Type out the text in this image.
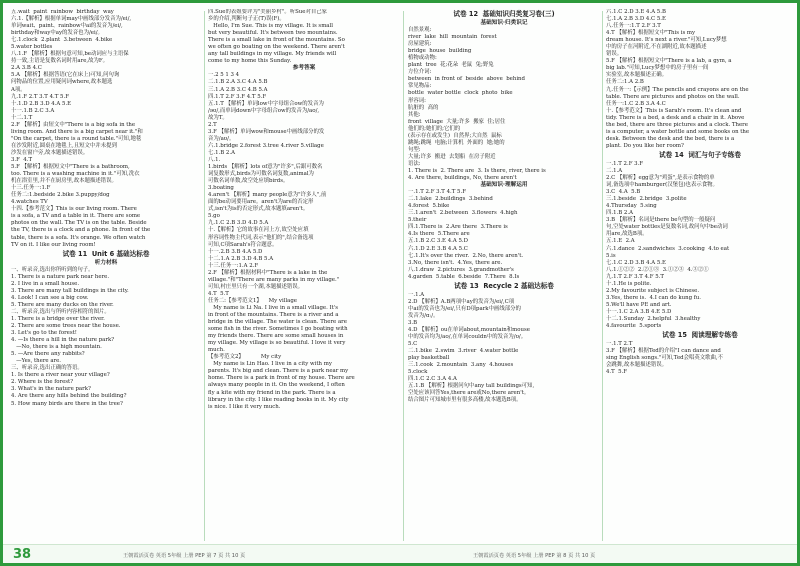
五.wait  paint  rainbow  birthday  way
六.1.【解析】根据单词may中画线部分发音为/ei/,
单词wait、paint、rainbow中ai的发音为/ei/,
birthday和way中ay的发音也为/ei/。
七.1.clock  2.plant  3.between  4.bike
5.water bottles
八.1.F 【解析】根据句意可知,be动词应与主语保
持一致,主语是复数名词时用are,故为F。
2.A 3.B 4.C
5.A 【解析】根据答语(它在床上)可知,问句询
问物品的位置,应用疑问词where,故本题选
A项。
九.1.F 2.T 3.T 4.T 5.F
十.1.D 2.B 3.D 4.A 5.E
十一.1.B 2.C 3.A
十二.1.T
2.F 【解析】由短文中"There is a big sofa in the
living room. And there is a big carpet near it."和
"On the carpet, there is a round table."可知,地毯
在沙发附近,圆桌在地毯上,且短文中并未提到
沙发在窗户旁,故本题描述错误。
3.F  4.T
5.F 【解析】根据短文中"There is a bathroom,
too. There is a washing machine in it."可知,洗衣
机在浴室里,并不在厨房里,故本题描述错误。
十三.任务一:1.F
任务二:1.bedside 2.bike 3.puppy/dog
4.watches TV
十四.【参考范文】This is our living room. There
is a sofa, a TV and a table in it. There are some
photos on the wall. The TV is on the table. Beside
the TV, there is a clock and a phone. In front of the
table, there is a sofa. It's orange. We often watch
TV on it. I like our living room!
试卷 11  Unit 6 基础达标卷
听力材料
一、听录音,选出你所听到的句子。
1. There is a nature park near here.
2. I live in a small house.
3. There are many tall buildings in the city.
4. Look! I can see a big cow.
5. There are many ducks on the river.
二、听录音,选出与所听内容相符的图片。
1. There is a bridge over the river.
2. There are some trees near the house.
3. Let's go to the forest!
4. —Is there a hill in the nature park?
—No, there is a high mountain.
5. —Are there any rabbits?
—Yes, there are.
三、听录音,选出正确的答语。
1. Is there a river near your village?
2. Where is the forest?
3. What's in the nature park?
4. Are there any hills behind the building?
5. How many birds are there in the tree?
四.Sue的表姐要评为"美丽乡村"。听Sue对自己家
乡的介绍,判断句子正(T)误(F)。
Hello, I'm Sue. This is my village. It is small
but very beautiful. It's between two mountains.
There is a small lake in front of the mountains. So
we often go boating on the weekend. There aren't
any tall buildings in my village. My friends will
come to my home this Sunday.
参考答案
一.2 5 1 3 4
二.1.B 2.A 3.C 4.A 5.B
三.1.A 2.B 3.C 4.B 5.A
四.1.T 2.F 3.F 4.T 5.F
五.1.T 【解析】单词low中字母组合ow的发音为
/əʊ/,而单词down中字母组合ow的发音为/aʊ/,
故为T。
2.T
3.F 【解析】单词wow和mouse中画线部分的发
音为/aʊ/。
六.1.bridge 2.forest 3.tree 4.river 5.village
七.1.B 2.A
八.1.
1.birds 【解析】lots of意为"许多",后跟可数名
词复数形式,birds为可数名词复数,animal为
可数名词单数,故空处应填birds。
3.boating
4.aren't 【解析】many people意为"许多人",前
面的be动词要用are。aren't为are的否定形
式,isn't为is的否定形式,故本题填aren't。
5.go
九.1.C 2.B 3.D 4.D 5.A
十.【解析】它的故事在河上方,故空处应填
形容词性物主代词,表示"他们的",结合备选项
可知,C项Sarah's符合题意。
十一.2.B 3.B 4.A 5.D
十二.1.A 2.B 3.D 4.B 5.A
十三.任务一:1.A 2.F
2.F 【解析】根据材料中"There is a lake in the
village."和"There are many parks in my village."
可知,村庄里只有一个湖,本题描述错误。
4.T  5.T
任务二:【参考范文1】    My village
My name is Li Na. I live in a small village. It's
in front of the mountains. There is a river and a
bridge in the village. The water is clean. There are
some fish in the river. Sometimes I go boating with
my friends there. There are some small houses in
my village. My village is so beautiful. I love it very
much.
【参考范文2】          My city
My name is Lin Hao. I live in a city with my
parents. It's big and clean. There is a park near my
home. There is a park in front of my house. There are
always many people in it. On the weekend, I often
fly a kite with my friend in the park. There is a
library in the city. I like reading books in it. My city
is nice. I like it very much.
试卷 12  基础知识归类复习卷(三)
基础知识·归类识记
自然景观:
river  lake  hill  mountain  forest
房屋建筑:
bridge  house  building
植物或动物:
plant  tree  花;花朵  老鼠  兔;野兔
方位介词:
between  in front of  beside  above  behind
常见物品:
bottle  water bottle  clock  photo  bike
形容词:
肮脏的  高的
其他:
front  village  大量;许多  搬家  住;居住
他们的;她们的;它们的
(表示存在或发生)  自然界;大自然  鼠标
跳绳;跳绳  电脑;计算机  外面的  她;她的
句型:
大量;许多  搬进  去划船  在房子附近
语法:
1. There is  2. There are  3. Is there, river, there is
4. Are there, buildings, No, there aren't
基础知识·理解运用
一.1.T 2.F 3.T 4.T 5.F
二.1.lake  2.buildings  3.behind
4.forest  5.bike
三.1.aren't  2.between  3.flowers  4.high
5.their
四.1.There is  2.Are there  3.There is
4.Is there  5.There are
五.1.B 2.C 3.E 4.A 5.D
六.1.D 2.E 3.B 4.A 5.C
七.1.It's over the river.  2.No, there aren't.
3.No, there isn't.  4.Yes, there are.
八.1.draw  2.pictures  3.grandmother's
4.garden  5.table  6.beside  7.There  8.Is
试卷 13  Recycle 2 基础达标卷
一.1.A
2.D 【解析】A.B两项中ay的发音为/ei/,C项
中ai的发音也为/ei/,只有D项park中画线部分的
发音为/ɑː/。
3.B
4.D 【解析】ou在单词about,mountain和mouse
中的发音均为/aʊ/,在单词couldn中的发音为/ʊ/。
5.C
二.1.bike  2.swim  3.river  4.water bottle
play basketball
三.1.cook  2.mountain  3.any  4.houses
5.clock
四.1.C 2.C 3.A 4.A
五.1.B 【解析】根据问句中any tall buildings可知,
空处应该回答Yes,there are或No,there aren't。
结合图片可知城市里有很多高楼,故本题选B项。
六.1.C 2.D 3.E 4.A 5.B
七.1.A 2.B 3.D 4.C 5.E
八.任务一:1.T 2.F 3.T
4.T 【解析】根据短文中"This is my
dream house. It's next a river."可知,Lucy梦想
中的房子在河附近,不在湖附近,故本题描述
错误。
5.F 【解析】根据短文中"There is a lab, a gym, a
big lab."可知,Lucy梦想中的房子里有一间
实验室,故本题描述正确。
任务二:1.A 2.B
九.任务一:【示例】The pencils and crayons are on the
table. There are pictures and photos on the wall.
任务一:1.C 2.B 3.A 4.C
十.【参考范文】This is Sarah's room. It's clean and
tidy. There is a bed, a desk and a chair in it. Above
the bed, there are three pictures and a clock. There
is a computer, a water bottle and some books on the
desk. Between the desk and the bed, there is a
plant. Do you like her room?
试卷 14  词汇与句子专练卷
一.1.T 2.F 3.F
二.1.A
2.C 【解析】egg意为"鸡蛋",是表示食物的单
词,备选项中hamburger(汉堡包)也表示食物。
3.C  4.A  5.B
三.1.beside  2.bridge  3.polite
4.Thursday  5.sing
四.1.B 2.A
3.B 【解析】名词是there be句型的一般疑问
句,空处water bottles是复数名词,故问句中be动词
用are,故选B项。
五.1.E  2.A
六.1.dance  2.sandwiches  3.cooking  4.to eat
5.is
七.1.C 2.D 3.B 4.A 5.E
八.1.①②②  2.②①③  3.①②③  4.③②①
九.1.T 2.F 3.T 4.F 5.T
十.1.He is polite.
2.My favourite subject is Chinese.
3.Yes, there is.  4.I can do kung fu.
5.We'll have PE and art.
十一.1.C 2.A 3.B 4.E 5.D
十二.1.Sunday  2.helpful  3.healthy
4.favourite  5.sports
试卷 15  阅读理解专练卷
一.1.T 2.T
3.F 【解析】根据Ted的介绍"I can dance and
sing English songs."可知,Ted会唱英文歌曲,不
会跳舞,故本题描述错误。
4.T  5.F
38	王朝霞活页卷 英语 5年级 上册 PEP 第 7 页 共 10 页	王朝霞活页卷 英语 5年级 上册 PEP 第 8 页 共 10 页
